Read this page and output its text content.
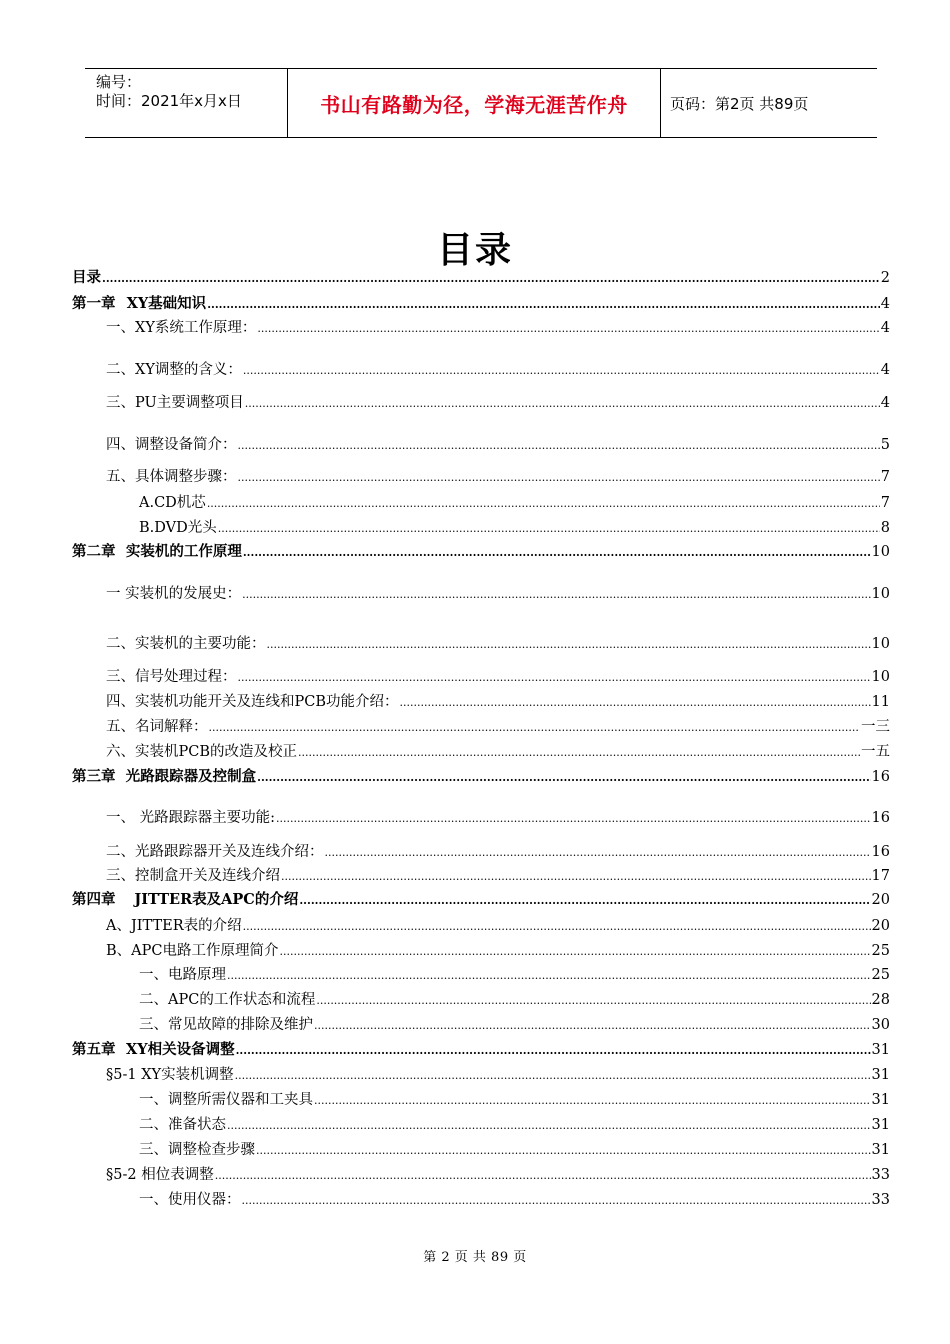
编号：
时间：2021年x月x日	书山有路勤为径，学海无涯苦作舟	页码：第2页 共89页
目录
目录 .....	2
第一章 XY基础知识 .....	4
一、XY系统工作原理： .....	4
二、XY调整的含义： .....	4
三、PU主要调整项目 .....	4
四、调整设备简介： .....	5
五、具体调整步骤： .....	7
A.CD机芯 .....	7
B.DVD光头 .....	8
第二章 实装机的工作原理 .....	10
一 实装机的发展史： .....	10
二、实装机的主要功能： .....	10
三、信号处理过程： .....	10
四、实装机功能开关及连线和PCB功能介绍： .....	11
五、名词解释： .....	一三
六、实装机PCB的改造及校正 .....	一五
第三章 光路跟踪器及控制盒 .....	16
一、 光路跟踪器主要功能: .....	16
二、光路跟踪器开关及连线介绍： .....	16
三、控制盒开关及连线介绍 .....	17
第四章 JITTER表及APC的介绍 .....	20
A、JITTER表的介绍 .....	20
B、APC电路工作原理简介 .....	25
一、电路原理 .....	25
二、APC的工作状态和流程 .....	28
三、常见故障的排除及维护 .....	30
第五章 XY相关设备调整 .....	31
§5-1 XY实装机调整 .....	31
一、调整所需仪器和工夹具 .....	31
二、准备状态 .....	31
三、调整检查步骤 .....	31
§5-2 相位表调整 .....	33
一、使用仪器： .....	33
第 2 页 共 89 页
